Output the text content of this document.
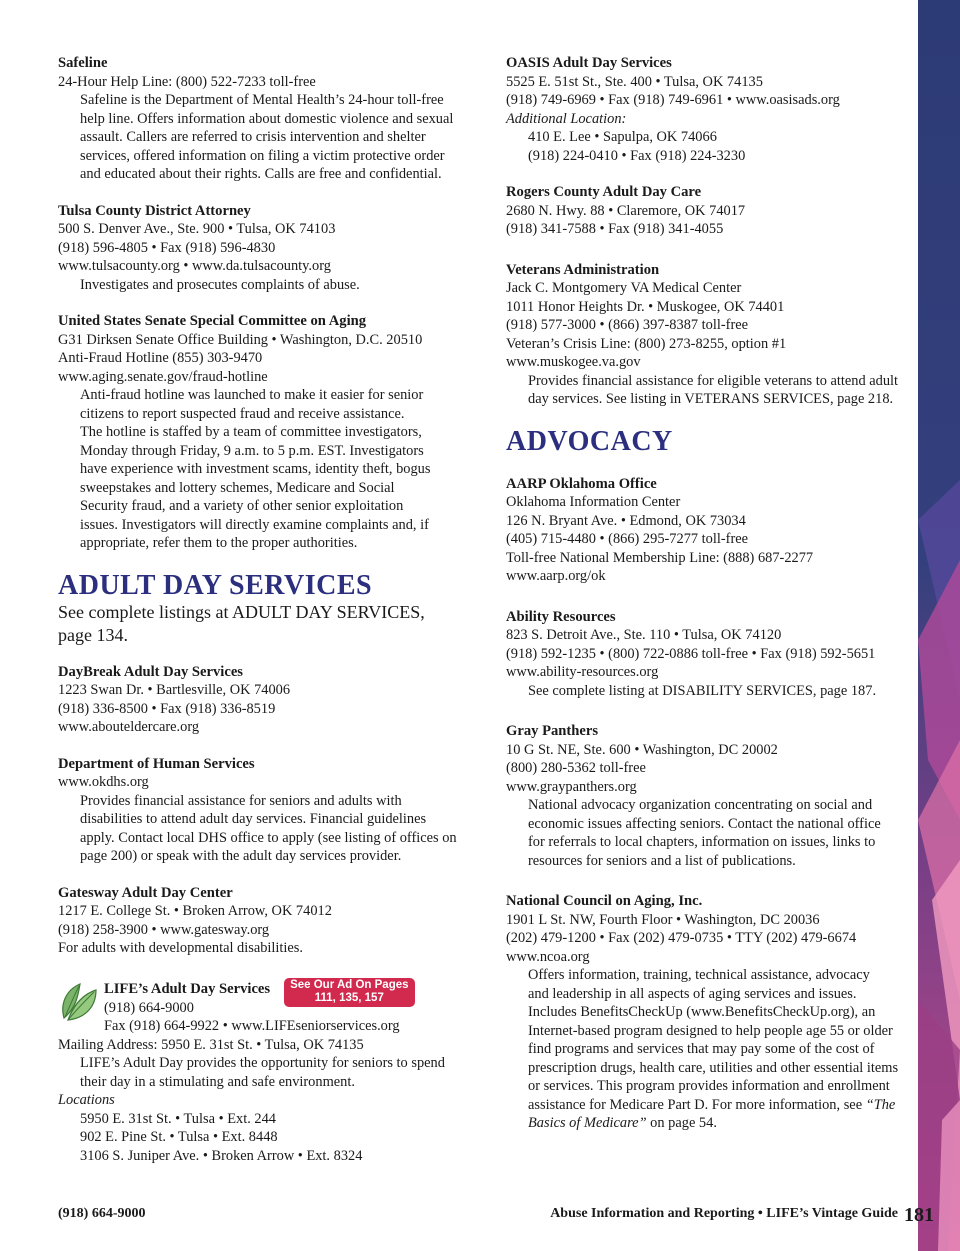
Safeline
24-Hour Help Line: (800) 522-7233 toll-free
Safeline is the Department of Mental Health’s 24-hour toll-free
help line. Offers information about domestic violence and sexual
assault. Callers are referred to crisis intervention and shelter
services, offered information on filing a victim protective order
and educated about their rights. Calls are free and confidential.
Tulsa County District Attorney
500 S. Denver Ave., Ste. 900 • Tulsa, OK 74103
(918) 596-4805 • Fax (918) 596-4830
www.tulsacounty.org • www.da.tulsacounty.org
Investigates and prosecutes complaints of abuse.
United States Senate Special Committee on Aging
G31 Dirksen Senate Office Building • Washington, D.C. 20510
Anti-Fraud Hotline (855) 303-9470
www.aging.senate.gov/fraud-hotline
Anti-fraud hotline was launched to make it easier for senior
citizens to report suspected fraud and receive assistance.
The hotline is staffed by a team of committee investigators,
Monday through Friday, 9 a.m. to 5 p.m. EST. Investigators
have experience with investment scams, identity theft, bogus
sweepstakes and lottery schemes, Medicare and Social
Security fraud, and a variety of other senior exploitation
issues. Investigators will directly examine complaints and, if
appropriate, refer them to the proper authorities.
ADULT DAY SERVICES
See complete listings at ADULT DAY SERVICES,
page 134.
DayBreak Adult Day Services
1223 Swan Dr. • Bartlesville, OK 74006
(918) 336-8500 • Fax (918) 336-8519
www.abouteldercare.org
Department of Human Services
www.okdhs.org
Provides financial assistance for seniors and adults with
disabilities to attend adult day services. Financial guidelines
apply. Contact local DHS office to apply (see listing of offices on
page 200) or speak with the adult day services provider.
Gatesway Adult Day Center
1217 E. College St. • Broken Arrow, OK 74012
(918) 258-3900 • www.gatesway.org
For adults with developmental disabilities.
LIFE’s Adult Day Services See Our Ad On Pages
111, 135, 157
(918) 664-9000
Fax (918) 664-9922 • www.LIFEseniorservices.org
Mailing Address: 5950 E. 31st St. • Tulsa, OK 74135
LIFE’s Adult Day provides the opportunity for seniors to spend
their day in a stimulating and safe environment.
Locations
5950 E. 31st St. • Tulsa • Ext. 244
902 E. Pine St. • Tulsa • Ext. 8448
3106 S. Juniper Ave. • Broken Arrow • Ext. 8324
OASIS Adult Day Services
5525 E. 51st St., Ste. 400 • Tulsa, OK 74135
(918) 749-6969 • Fax (918) 749-6961 • www.oasisads.org
Additional Location:
410 E. Lee • Sapulpa, OK 74066
(918) 224-0410 • Fax (918) 224-3230
Rogers County Adult Day Care
2680 N. Hwy. 88 • Claremore, OK 74017
(918) 341-7588 • Fax (918) 341-4055
Veterans Administration
Jack C. Montgomery VA Medical Center
1011 Honor Heights Dr. • Muskogee, OK 74401
(918) 577-3000 • (866) 397-8387 toll-free
Veteran’s Crisis Line: (800) 273-8255, option #1
www.muskogee.va.gov
Provides financial assistance for eligible veterans to attend adult
day services. See listing in VETERANS SERVICES, page 218.
ADVOCACY
AARP Oklahoma Office
Oklahoma Information Center
126 N. Bryant Ave. • Edmond, OK 73034
(405) 715-4480 • (866) 295-7277 toll-free
Toll-free National Membership Line: (888) 687-2277
www.aarp.org/ok
Ability Resources
823 S. Detroit Ave., Ste. 110 • Tulsa, OK 74120
(918) 592-1235 • (800) 722-0886 toll-free • Fax (918) 592-5651
www.ability-resources.org
See complete listing at DISABILITY SERVICES, page 187.
Gray Panthers
10 G St. NE, Ste. 600 • Washington, DC 20002
(800) 280-5362 toll-free
www.graypanthers.org
National advocacy organization concentrating on social and
economic issues affecting seniors. Contact the national office
for referrals to local chapters, information on issues, links to
resources for seniors and a list of publications.
National Council on Aging, Inc.
1901 L St. NW, Fourth Floor • Washington, DC 20036
(202) 479-1200 • Fax (202) 479-0735 • TTY (202) 479-6674
www.ncoa.org
Offers information, training, technical assistance, advocacy
and leadership in all aspects of aging services and issues.
Includes BenefitsCheckUp (www.BenefitsCheckUp.org), an
Internet-based program designed to help people age 55 or older
find programs and services that may pay some of the cost of
prescription drugs, health care, utilities and other essential items
or services. This program provides information and enrollment
assistance for Medicare Part D. For more information, see “The
Basics of Medicare” on page 54.
(918) 664-9000	Abuse Information and Reporting • LIFE’s Vintage Guide 181
